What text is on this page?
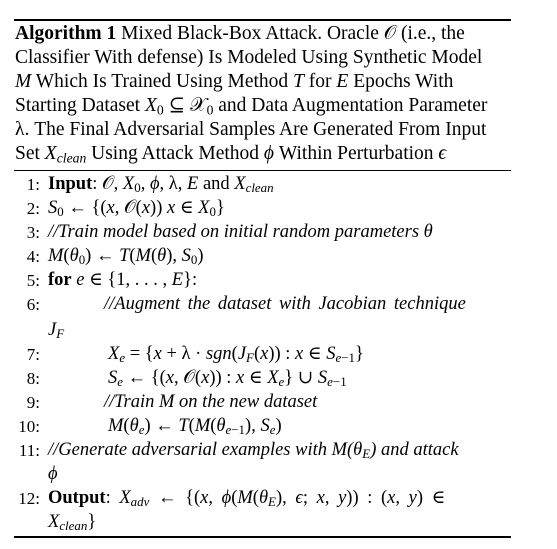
Algorithm 1 Mixed Black-Box Attack. Oracle 𝒪 (i.e., the
Classifier With defense) Is Modeled Using Synthetic Model
M Which Is Trained Using Method T for E Epochs With
Starting Dataset $X_0$ ⊆ 𝒳$_0$ and Data Augmentation Parameter
λ. The Final Adversarial Samples Are Generated From Input
Set $X_{clean}$ Using Attack Method ϕ Within Perturbation ϵ
1: Input: 𝒪, $X_0$, ϕ, λ, E and $X_{clean}$
2: $S_0$ ← {(x, 𝒪(x)) x ∈ $X_0$}
3: //Train model based on initial random parameters θ
4: $M(\theta_0)$ ← T(M(θ), $S_0$)
5: for e ∈ {1, . . . , E}:
6:	//Augment the dataset with Jacobian technique
$J_F$
7:	$X_e = \{x + \lambda \cdot sgn(J_F(x))$ : x ∈ $S_{e-1}$}
8:	$S_e$ ← {(x, 𝒪(x)) : x ∈ $X_e$} ∪ $S_{e-1}$
9:	//Train M on the new dataset
10:	$M(\theta_e)$ ← $T(M(\theta_{e-1})$, $S_e$)
11: //Generate adversarial examples with $M(\theta_E)$ and attack
ϕ
12: Output: $X_{adv}$ ← {(x, $\phi(M(\theta_E)$, ϵ; x, y)) : (x, y) ∈
$X_{clean}$}
